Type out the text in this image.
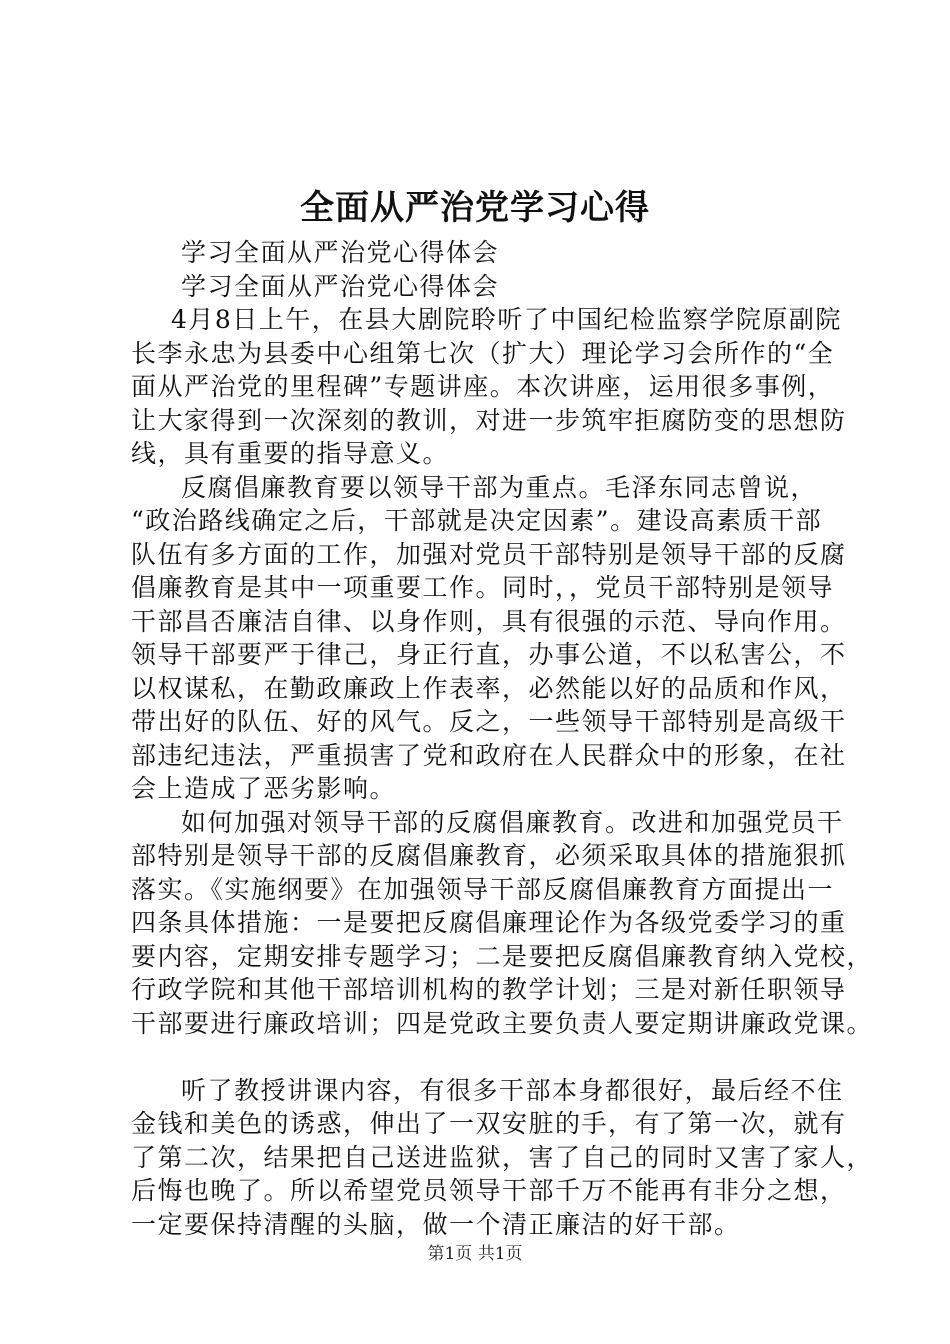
全面从严治党学习心得
学习全面从严治党心得体会
学习全面从严治党心得体会
4月8日上午，在县大剧院聆听了中国纪检监察学院原副院
长李永忠为县委中心组第七次（扩大）理论学习会所作的“全
面从严治党的里程碑”专题讲座。本次讲座，运用很多事例，
让大家得到一次深刻的教训，对进一步筑牢拒腐防变的思想防
线，具有重要的指导意义。
反腐倡廉教育要以领导干部为重点。毛泽东同志曾说，
“政治路线确定之后，干部就是决定因素”。建设高素质干部
队伍有多方面的工作，加强对党员干部特别是领导干部的反腐
倡廉教育是其中一项重要工作。同时，，党员干部特别是领导
干部昌否廉洁自律、以身作则，具有很强的示范、导向作用。
领导干部要严于律己，身正行直，办事公道，不以私害公，不
以权谋私，在勤政廉政上作表率，必然能以好的品质和作风，
带出好的队伍、好的风气。反之，一些领导干部特别是高级干
部违纪违法，严重损害了党和政府在人民群众中的形象，在社
会上造成了恶劣影响。
如何加强对领导干部的反腐倡廉教育。改进和加强党员干
部特别是领导干部的反腐倡廉教育，必须采取具体的措施狠抓
落实。《实施纲要》在加强领导干部反腐倡廉教育方面提出一
四条具体措施：一是要把反腐倡廉理论作为各级党委学习的重
要内容，定期安排专题学习；二是要把反腐倡廉教育纳入党校，
行政学院和其他干部培训机构的教学计划；三是对新任职领导
干部要进行廉政培训；四是党政主要负责人要定期讲廉政党课。
听了教授讲课内容，有很多干部本身都很好，最后经不住
金钱和美色的诱惑，伸出了一双安脏的手，有了第一次，就有
了第二次，结果把自己送进监狱，害了自己的同时又害了家人，
后悔也晚了。所以希望党员领导干部千万不能再有非分之想，
一定要保持清醒的头脑，做一个清正廉洁的好干部。
第1页 共1页
